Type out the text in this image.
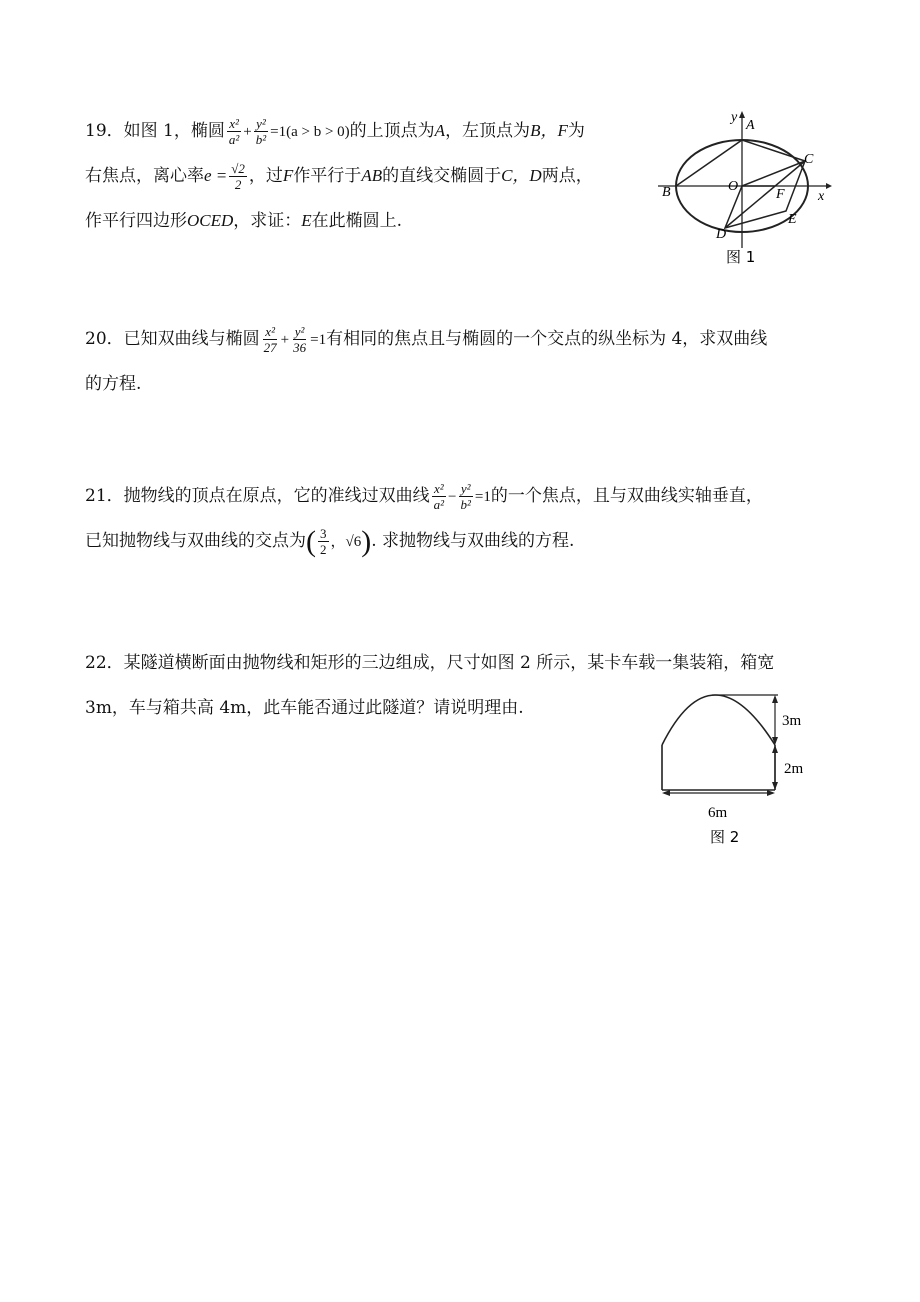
19．如图 1，椭圆 $\frac{\text{x²}}{\text{a²}} + \frac{\text{y²}}{\text{b²}} =1(a > b > 0)$的上顶点为A，左顶点为B，F为
右焦点，离心率$e = \frac{√2}{2}$ ，过F作平行于AB的直线交椭圆于C，D两点，
作平行四边形OCED，求证：E在此椭圆上.
y
A
C
B	O
F x
D
E
图 1
20．已知双曲线与椭圆 $\frac{\text{x²}}{27} + \frac{\text{y²}}{36} =1$有相同的焦点且与椭圆的一个交点的纵坐标为 4，求双曲线
的方程.
21．抛物线的顶点在原点，它的准线过双曲线 $\frac{\text{x²}}{\text{a²}} - \frac{\text{y²}}{\text{b²}} =1$的一个焦点，且与双曲线实轴垂直，
已知抛物线与双曲线的交点为( $\frac{3}{2}$ ，√6). 求抛物线与双曲线的方程.
22．某隧道横断面由抛物线和矩形的三边组成，尺寸如图 2 所示，某卡车载一集装箱，箱宽
3m，车与箱共高 4m，此车能否通过此隧道？请说明理由.
3m
2m
6m
图 2
